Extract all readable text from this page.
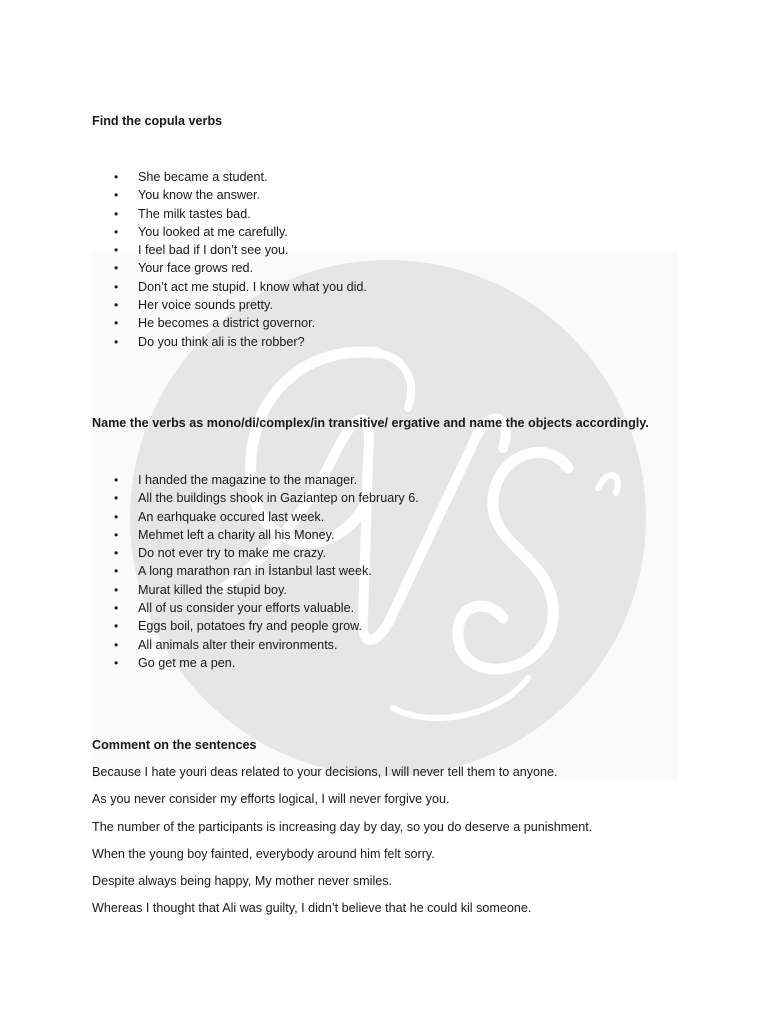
Find the copula verbs

• She became a student.
• You know the answer.
• The milk tastes bad.
• You looked at me carefully.
• I feel bad if I don’t see you.
• Your face grows red.
• Don’t act me stupid. I know what you did.
• Her voice sounds pretty.
• He becomes a district governor.
• Do you think ali is the robber?

Name the verbs as mono/di/complex/in transitive/ ergative and name the objects accordingly.

• I handed the magazine to the manager.
• All the buildings shook in Gaziantep on february 6.
• An earhquake occured last week.
• Mehmet left a charity all his Money.
• Do not ever try to make me crazy.
• A long marathon ran in İstanbul last week.
• Murat killed the stupid boy.
• All of us consider your efforts valuable.
• Eggs boil, potatoes fry and people grow.
• All animals alter their environments.
• Go get me a pen.

Comment on the sentences

Because I hate youri deas related to your decisions, I will never tell them to anyone.

As you never consider my efforts logical, I will never forgive you.

The number of the participants is increasing day by day, so you do deserve a punishment.

When the young boy fainted, everybody around him felt sorry.

Despite always being happy, My mother never smiles.

Whereas I thought that Ali was guilty, I didn’t believe that he could kil someone.
